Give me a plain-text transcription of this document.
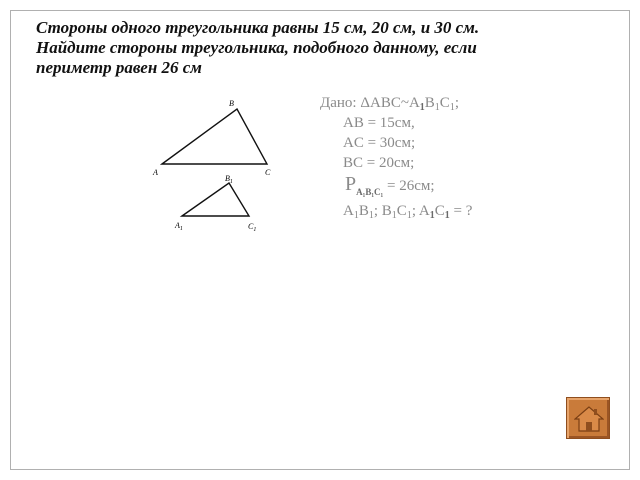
Стороны одного треугольника равны 15 см, 20 см, и 30 см.
Найдите стороны треугольника, подобного данному, если
периметр равен 26 см
B
A	C
$B_1$
$A_1$	$C_1$
Дано: $\Delta ABC\sim A_1B_1C_1$;
AB = 15см,
AC = 30см;
BC = 20см;
$P_{A_1B_1C_1} = 26см$;
$A_1B_1$; $B_1C_1$; $A_1C_1$ = ?
